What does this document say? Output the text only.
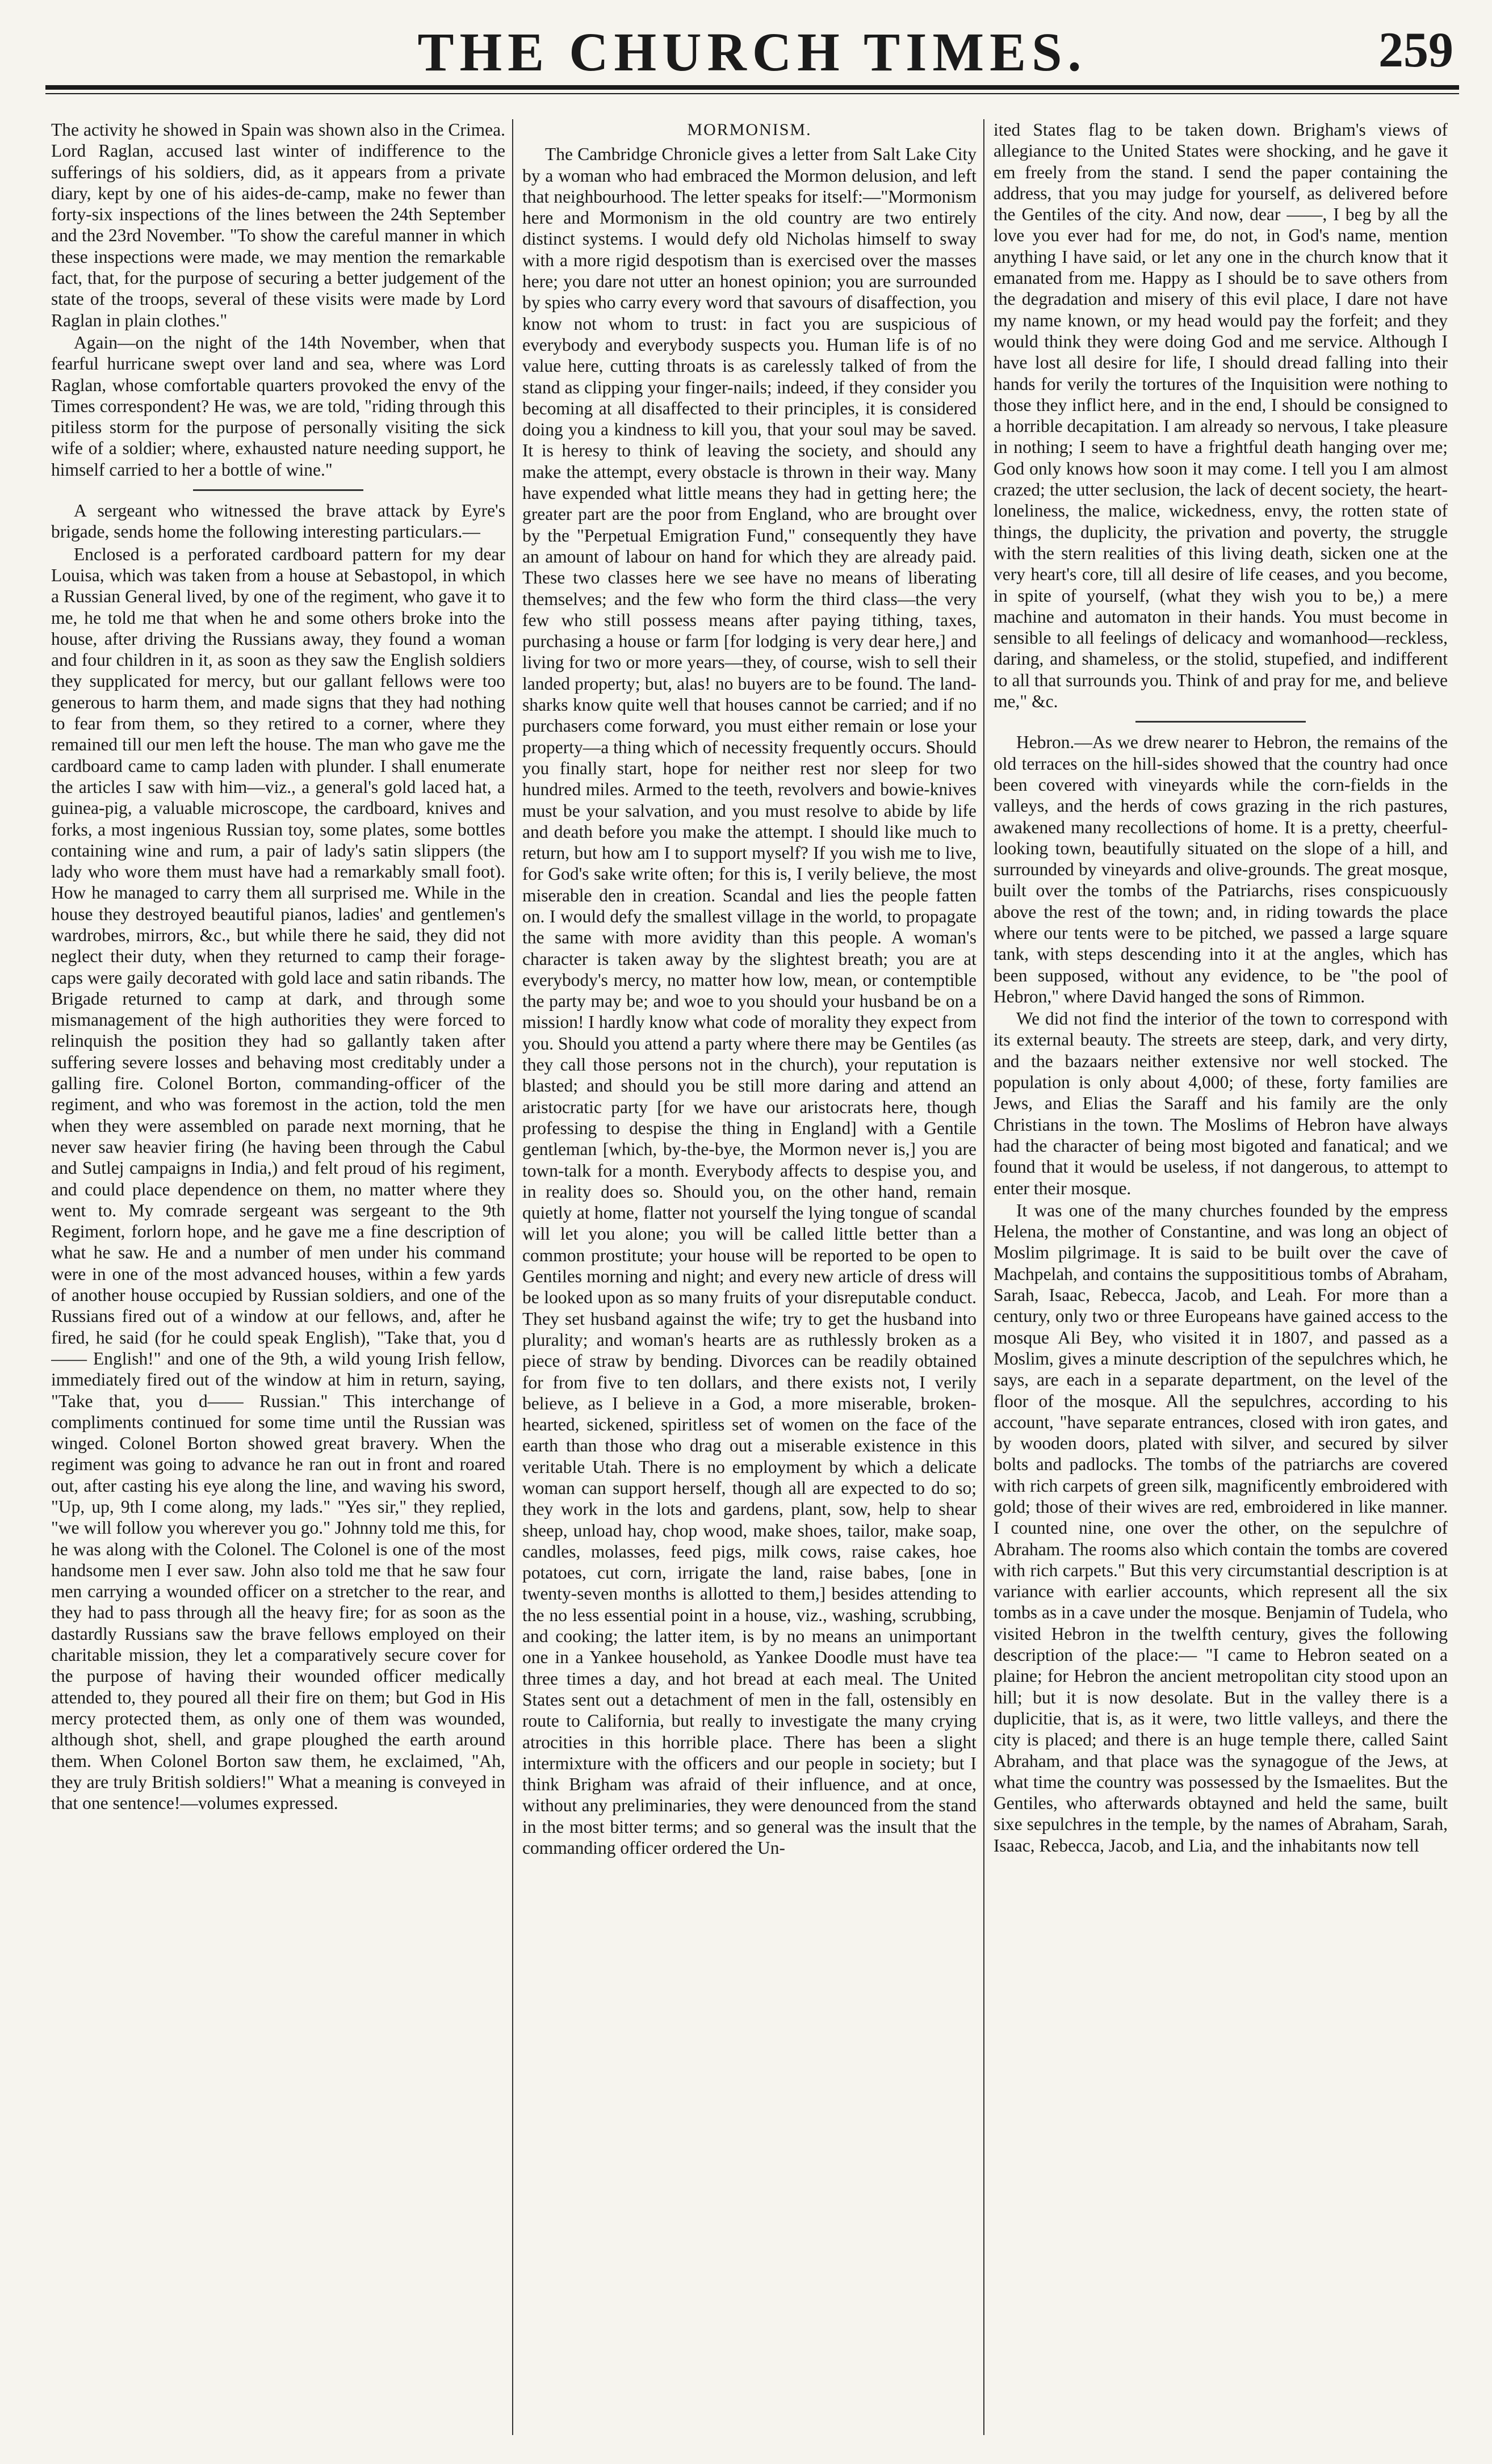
THE CHURCH TIMES.	259

The activity he showed in Spain was shown also in the Crimea. Lord Raglan, accused last winter of indifference to the sufferings of his soldiers, did, as it appears from a private diary, kept by one of his aides-de-camp, make no fewer than forty-six inspections of the lines between the 24th September and the 23rd November. "To show the careful manner in which these inspections were made, we may mention the remarkable fact, that, for the purpose of securing a better judgement of the state of the troops, several of these visits were made by Lord Raglan in plain clothes."

Again—on the night of the 14th November, when that fearful hurricane swept over land and sea, where was Lord Raglan, whose comfortable quarters provoked the envy of the Times correspondent? He was, we are told, "riding through this pitiless storm for the purpose of personally visiting the sick wife of a soldier; where, exhausted nature needing support, he himself carried to her a bottle of wine."

A sergeant who witnessed the brave attack by Eyre's brigade, sends home the following interesting particulars.—

Enclosed is a perforated cardboard pattern for my dear Louisa, which was taken from a house at Sebastopol, in which a Russian General lived, by one of the regiment, who gave it to me, he told me that when he and some others broke into the house, after driving the Russians away, they found a woman and four children in it, as soon as they saw the English soldiers they supplicated for mercy, but our gallant fellows were too generous to harm them, and made signs that they had nothing to fear from them, so they retired to a corner, where they remained till our men left the house. The man who gave me the cardboard came to camp laden with plunder. I shall enumerate the articles I saw with him—viz., a general's gold laced hat, a guinea-pig, a valuable microscope, the cardboard, knives and forks, a most ingenious Russian toy, some plates, some bottles containing wine and rum, a pair of lady's satin slippers (the lady who wore them must have had a remarkably small foot). How he managed to carry them all surprised me. While in the house they destroyed beautiful pianos, ladies' and gentlemen's wardrobes, mirrors, &c., but while there he said, they did not neglect their duty, when they returned to camp their forage-caps were gaily decorated with gold lace and satin ribands. The Brigade returned to camp at dark, and through some mismanagement of the high authorities they were forced to relinquish the position they had so gallantly taken after suffering severe losses and behaving most creditably under a galling fire. Colonel Borton, commanding-officer of the regiment, and who was foremost in the action, told the men when they were assembled on parade next morning, that he never saw heavier firing (he having been through the Cabul and Sutlej campaigns in India,) and felt proud of his regiment, and could place dependence on them, no matter where they went to. My comrade sergeant was sergeant to the 9th Regiment, forlorn hope, and he gave me a fine description of what he saw. He and a number of men under his command were in one of the most advanced houses, within a few yards of another house occupied by Russian soldiers, and one of the Russians fired out of a window at our fellows, and, after he fired, he said (for he could speak English), "Take that, you d—— English!" and one of the 9th, a wild young Irish fellow, immediately fired out of the window at him in return, saying, "Take that, you d—— Russian." This interchange of compliments continued for some time until the Russian was winged. Colonel Borton showed great bravery. When the regiment was going to advance he ran out in front and roared out, after casting his eye along the line, and waving his sword, "Up, up, 9th I come along, my lads." "Yes sir," they replied, "we will follow you wherever you go." Johnny told me this, for he was along with the Colonel. The Colonel is one of the most handsome men I ever saw. John also told me that he saw four men carrying a wounded officer on a stretcher to the rear, and they had to pass through all the heavy fire; for as soon as the dastardly Russians saw the brave fellows employed on their charitable mission, they let a comparatively secure cover for the purpose of having their wounded officer medically attended to, they poured all their fire on them; but God in His mercy protected them, as only one of them was wounded, although shot, shell, and grape ploughed the earth around them. When Colonel Borton saw them, he exclaimed, "Ah, they are truly British soldiers!" What a meaning is conveyed in that one sentence!—volumes expressed.

MORMONISM.

The Cambridge Chronicle gives a letter from Salt Lake City by a woman who had embraced the Mormon delusion, and left that neighbourhood. The letter speaks for itself:—"Mormonism here and Mormonism in the old country are two entirely distinct systems. I would defy old Nicholas himself to sway with a more rigid despotism than is exercised over the masses here; you dare not utter an honest opinion; you are surrounded by spies who carry every word that savours of disaffection, you know not whom to trust: in fact you are suspicious of everybody and everybody suspects you. Human life is of no value here, cutting throats is as carelessly talked of from the stand as clipping your finger-nails; indeed, if they consider you becoming at all disaffected to their principles, it is considered doing you a kindness to kill you, that your soul may be saved. It is heresy to think of leaving the society, and should any make the attempt, every obstacle is thrown in their way. Many have expended what little means they had in getting here; the greater part are the poor from England, who are brought over by the "Perpetual Emigration Fund," consequently they have an amount of labour on hand for which they are already paid. These two classes here we see have no means of liberating themselves; and the few who form the third class—the very few who still possess means after paying tithing, taxes, purchasing a house or farm [for lodging is very dear here,] and living for two or more years—they, of course, wish to sell their landed property; but, alas! no buyers are to be found. The land-sharks know quite well that houses cannot be carried; and if no purchasers come forward, you must either remain or lose your property—a thing which of necessity frequently occurs. Should you finally start, hope for neither rest nor sleep for two hundred miles. Armed to the teeth, revolvers and bowie-knives must be your salvation, and you must resolve to abide by life and death before you make the attempt. I should like much to return, but how am I to support myself? If you wish me to live, for God's sake write often; for this is, I verily believe, the most miserable den in creation. Scandal and lies the people fatten on. I would defy the smallest village in the world, to propagate the same with more avidity than this people. A woman's character is taken away by the slightest breath; you are at everybody's mercy, no matter how low, mean, or contemptible the party may be; and woe to you should your husband be on a mission! I hardly know what code of morality they expect from you. Should you attend a party where there may be Gentiles (as they call those persons not in the church), your reputation is blasted; and should you be still more daring and attend an aristocratic party [for we have our aristocrats here, though professing to despise the thing in England] with a Gentile gentleman [which, by-the-bye, the Mormon never is,] you are town-talk for a month. Everybody affects to despise you, and in reality does so. Should you, on the other hand, remain quietly at home, flatter not yourself the lying tongue of scandal will let you alone; you will be called little better than a common prostitute; your house will be reported to be open to Gentiles morning and night; and every new article of dress will be looked upon as so many fruits of your disreputable conduct. They set husband against the wife; try to get the husband into plurality; and woman's hearts are as ruthlessly broken as a piece of straw by bending. Divorces can be readily obtained for from five to ten dollars, and there exists not, I verily believe, as I believe in a God, a more miserable, broken-hearted, sickened, spiritless set of women on the face of the earth than those who drag out a miserable existence in this veritable Utah. There is no employment by which a delicate woman can support herself, though all are expected to do so; they work in the lots and gardens, plant, sow, help to shear sheep, unload hay, chop wood, make shoes, tailor, make soap, candles, molasses, feed pigs, milk cows, raise cakes, hoe potatoes, cut corn, irrigate the land, raise babes, [one in twenty-seven months is allotted to them,] besides attending to the no less essential point in a house, viz., washing, scrubbing, and cooking; the latter item, is by no means an unimportant one in a Yankee household, as Yankee Doodle must have tea three times a day, and hot bread at each meal. The United States sent out a detachment of men in the fall, ostensibly en route to California, but really to investigate the many crying atrocities in this horrible place. There has been a slight intermixture with the officers and our people in society; but I think Brigham was afraid of their influence, and at once, without any preliminaries, they were denounced from the stand in the most bitter terms; and so general was the insult that the commanding officer ordered the Un-

ited States flag to be taken down. Brigham's views of allegiance to the United States were shocking, and he gave it em freely from the stand. I send the paper containing the address, that you may judge for yourself, as delivered before the Gentiles of the city. And now, dear ——, I beg by all the love you ever had for me, do not, in God's name, mention anything I have said, or let any one in the church know that it emanated from me. Happy as I should be to save others from the degradation and misery of this evil place, I dare not have my name known, or my head would pay the forfeit; and they would think they were doing God and me service. Although I have lost all desire for life, I should dread falling into their hands for verily the tortures of the Inquisition were nothing to those they inflict here, and in the end, I should be consigned to a horrible decapitation. I am already so nervous, I take pleasure in nothing; I seem to have a frightful death hanging over me; God only knows how soon it may come. I tell you I am almost crazed; the utter seclusion, the lack of decent society, the heart-loneliness, the malice, wickedness, envy, the rotten state of things, the duplicity, the privation and poverty, the struggle with the stern realities of this living death, sicken one at the very heart's core, till all desire of life ceases, and you become, in spite of yourself, (what they wish you to be,) a mere machine and automaton in their hands. You must become in sensible to all feelings of delicacy and womanhood—reckless, daring, and shameless, or the stolid, stupefied, and indifferent to all that surrounds you. Think of and pray for me, and believe me," &c.

Hebron.—As we drew nearer to Hebron, the remains of the old terraces on the hill-sides showed that the country had once been covered with vineyards while the corn-fields in the valleys, and the herds of cows grazing in the rich pastures, awakened many recollections of home. It is a pretty, cheerful-looking town, beautifully situated on the slope of a hill, and surrounded by vineyards and olive-grounds. The great mosque, built over the tombs of the Patriarchs, rises conspicuously above the rest of the town; and, in riding towards the place where our tents were to be pitched, we passed a large square tank, with steps descending into it at the angles, which has been supposed, without any evidence, to be "the pool of Hebron," where David hanged the sons of Rimmon.

We did not find the interior of the town to correspond with its external beauty. The streets are steep, dark, and very dirty, and the bazaars neither extensive nor well stocked. The population is only about 4,000; of these, forty families are Jews, and Elias the Saraff and his family are the only Christians in the town. The Moslims of Hebron have always had the character of being most bigoted and fanatical; and we found that it would be useless, if not dangerous, to attempt to enter their mosque.

It was one of the many churches founded by the empress Helena, the mother of Constantine, and was long an object of Moslim pilgrimage. It is said to be built over the cave of Machpelah, and contains the supposititious tombs of Abraham, Sarah, Isaac, Rebecca, Jacob, and Leah. For more than a century, only two or three Europeans have gained access to the mosque Ali Bey, who visited it in 1807, and passed as a Moslim, gives a minute description of the sepulchres which, he says, are each in a separate department, on the level of the floor of the mosque. All the sepulchres, according to his account, "have separate entrances, closed with iron gates, and by wooden doors, plated with silver, and secured by silver bolts and padlocks. The tombs of the patriarchs are covered with rich carpets of green silk, magnificently embroidered with gold; those of their wives are red, embroidered in like manner. I counted nine, one over the other, on the sepulchre of Abraham. The rooms also which contain the tombs are covered with rich carpets." But this very circumstantial description is at variance with earlier accounts, which represent all the six tombs as in a cave under the mosque. Benjamin of Tudela, who visited Hebron in the twelfth century, gives the following description of the place:— "I came to Hebron seated on a plaine; for Hebron the ancient metropolitan city stood upon an hill; but it is now desolate. But in the valley there is a duplicitie, that is, as it were, two little valleys, and there the city is placed; and there is an huge temple there, called Saint Abraham, and that place was the synagogue of the Jews, at what time the country was possessed by the Ismaelites. But the Gentiles, who afterwards obtayned and held the same, built sixe sepulchres in the temple, by the names of Abraham, Sarah, Isaac, Rebecca, Jacob, and Lia, and the inhabitants now tell
